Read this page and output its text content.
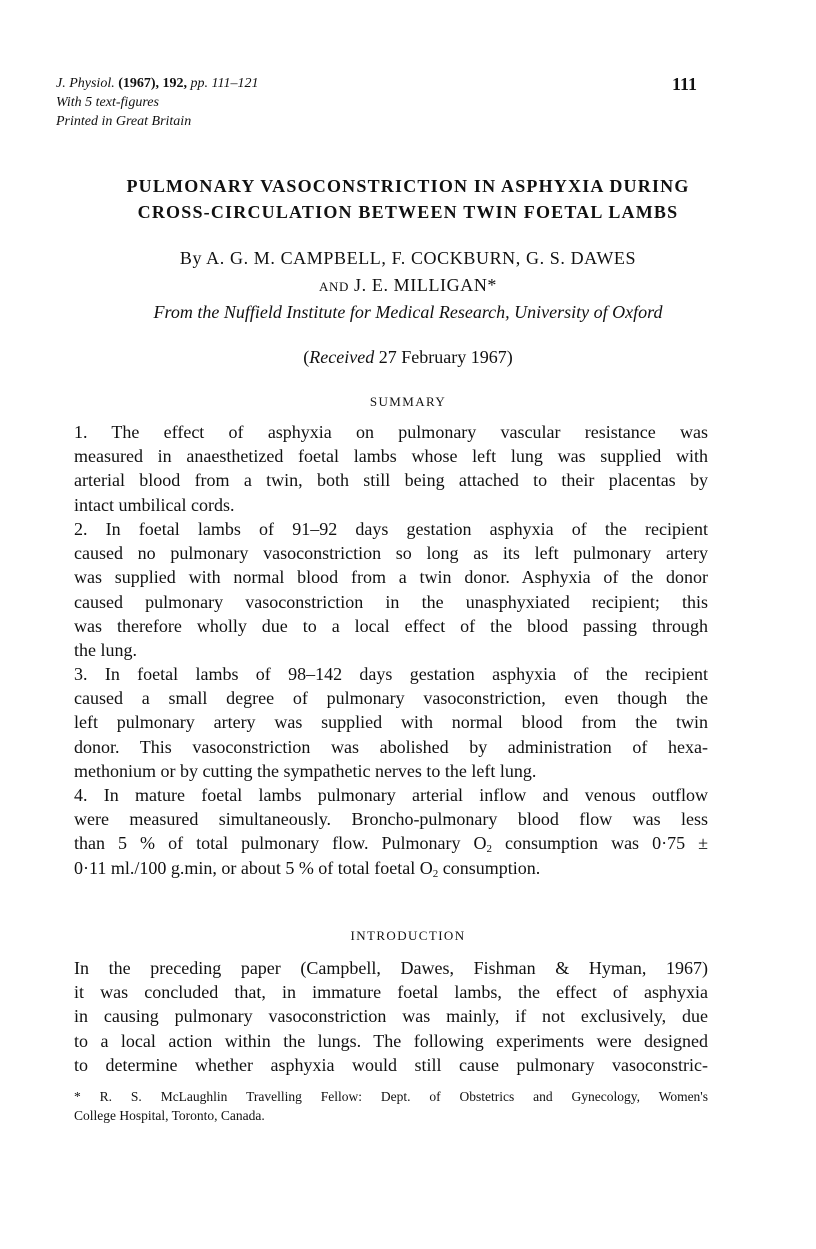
J. Physiol. (1967), 192, pp. 111–121
With 5 text-figures
Printed in Great Britain
111
PULMONARY VASOCONSTRICTION IN ASPHYXIA DURING
CROSS-CIRCULATION BETWEEN TWIN FOETAL LAMBS
By A. G. M. CAMPBELL, F. COCKBURN, G. S. DAWES
AND J. E. MILLIGAN*
From the Nuffield Institute for Medical Research, University of Oxford
(Received 27 February 1967)
SUMMARY
1. The effect of asphyxia on pulmonary vascular resistance was
measured in anaesthetized foetal lambs whose left lung was supplied with
arterial blood from a twin, both still being attached to their placentas by
intact umbilical cords.
2. In foetal lambs of 91–92 days gestation asphyxia of the recipient
caused no pulmonary vasoconstriction so long as its left pulmonary artery
was supplied with normal blood from a twin donor. Asphyxia of the donor
caused pulmonary vasoconstriction in the unasphyxiated recipient; this
was therefore wholly due to a local effect of the blood passing through
the lung.
3. In foetal lambs of 98–142 days gestation asphyxia of the recipient
caused a small degree of pulmonary vasoconstriction, even though the
left pulmonary artery was supplied with normal blood from the twin
donor. This vasoconstriction was abolished by administration of hexa-
methonium or by cutting the sympathetic nerves to the left lung.
4. In mature foetal lambs pulmonary arterial inflow and venous outflow
were measured simultaneously. Broncho-pulmonary blood flow was less
than 5 % of total pulmonary flow. Pulmonary $O_2$ consumption was 0·75 ±
0·11 ml./100 g.min, or about 5 % of total foetal $O_2$ consumption.
INTRODUCTION
In the preceding paper (Campbell, Dawes, Fishman & Hyman, 1967)
it was concluded that, in immature foetal lambs, the effect of asphyxia
in causing pulmonary vasoconstriction was mainly, if not exclusively, due
to a local action within the lungs. The following experiments were designed
to determine whether asphyxia would still cause pulmonary vasoconstric-
* R. S. McLaughlin Travelling Fellow: Dept. of Obstetrics and Gynecology, Women's
College Hospital, Toronto, Canada.
